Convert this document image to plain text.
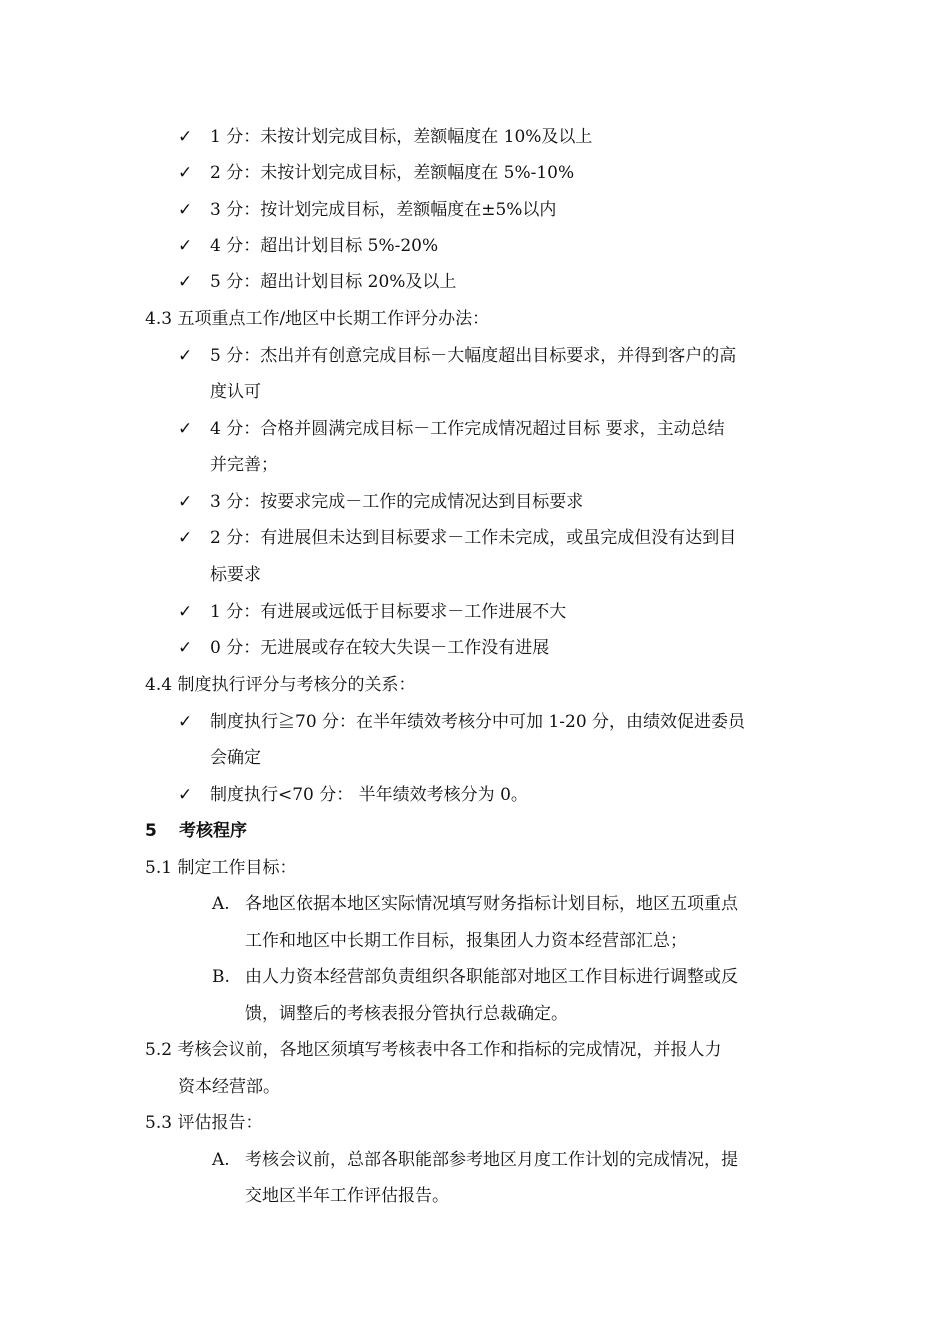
✓ 1 分：未按计划完成目标，差额幅度在 10%及以上
✓ 2 分：未按计划完成目标，差额幅度在 5%-10%
✓ 3 分：按计划完成目标，差额幅度在±5%以内
✓ 4 分：超出计划目标 5%-20%
✓ 5 分：超出计划目标 20%及以上
4.3 五项重点工作/地区中长期工作评分办法：
✓ 5 分：杰出并有创意完成目标－大幅度超出目标要求，并得到客户的高
度认可
✓ 4 分：合格并圆满完成目标－工作完成情况超过目标 要求，主动总结
并完善；
✓ 3 分：按要求完成－工作的完成情况达到目标要求
✓ 2 分：有进展但未达到目标要求－工作未完成，或虽完成但没有达到目
标要求
✓ 1 分：有进展或远低于目标要求－工作进展不大
✓ 0 分：无进展或存在较大失误－工作没有进展
4.4 制度执行评分与考核分的关系：
✓ 制度执行≧70 分：在半年绩效考核分中可加 1-20 分，由绩效促进委员
会确定
✓ 制度执行<70 分： 半年绩效考核分为 0。
5 考核程序
5.1 制定工作目标：
A. 各地区依据本地区实际情况填写财务指标计划目标，地区五项重点
工作和地区中长期工作目标，报集团人力资本经营部汇总；
B. 由人力资本经营部负责组织各职能部对地区工作目标进行调整或反
馈，调整后的考核表报分管执行总裁确定。
5.2 考核会议前，各地区须填写考核表中各工作和指标的完成情况，并报人力
资本经营部。
5.3 评估报告：
A. 考核会议前，总部各职能部参考地区月度工作计划的完成情况，提
交地区半年工作评估报告。
